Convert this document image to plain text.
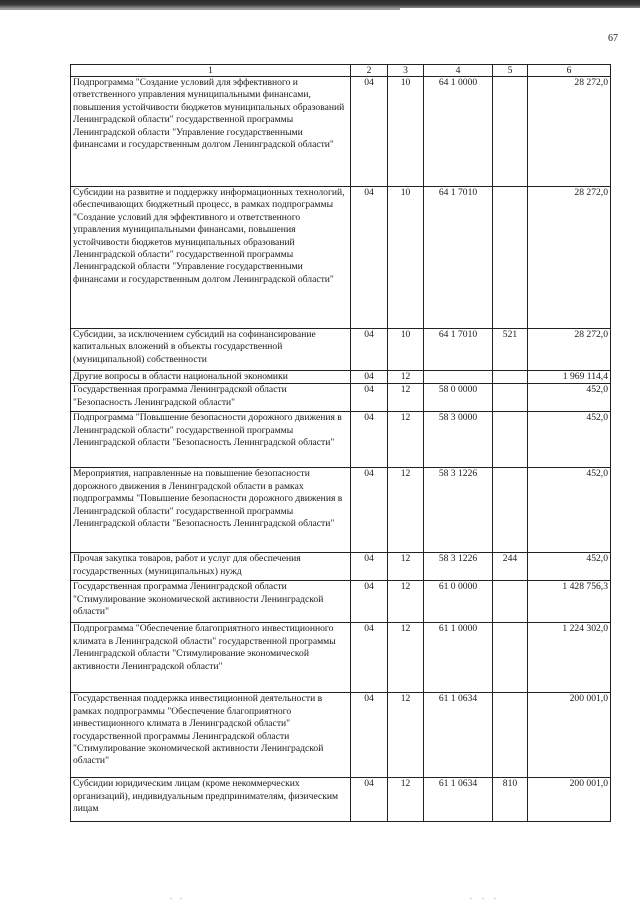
67
1	2	3	4	5	6
Подпрограмма "Создание условий для эффективного и ответственного управления муниципальными финансами, повышения устойчивости бюджетов муниципальных образований Ленинградской области" государственной программы Ленинградской области "Управление государственными финансами и государственным долгом Ленинградской области"	04	10	64 1 0000		28 272,0
Субсидии на развитие и поддержку информационных технологий, обеспечивающих бюджетный процесс, в рамках подпрограммы "Создание условий для эффективного и ответственного управления муниципальными финансами, повышения устойчивости бюджетов муниципальных образований Ленинградской области" государственной программы Ленинградской области "Управление государственными финансами и государственным долгом Ленинградской области"	04	10	64 1 7010		28 272,0
Субсидии, за исключением субсидий на софинансирование капитальных вложений в объекты государственной (муниципальной) собственности	04	10	64 1 7010	521	28 272,0
Другие вопросы в области национальной экономики	04	12			1 969 114,4
Государственная программа Ленинградской области "Безопасность Ленинградской области"	04	12	58 0 0000		452,0
Подпрограмма "Повышение безопасности дорожного движения в Ленинградской области" государственной программы Ленинградской области "Безопасность Ленинградской области"	04	12	58 3 0000		452,0
Мероприятия, направленные на повышение безопасности дорожного движения в Ленинградской области в рамках подпрограммы "Повышение безопасности дорожного движения в Ленинградской области" государственной программы Ленинградской области "Безопасность Ленинградской области"	04	12	58 3 1226		452,0
Прочая закупка товаров, работ и услуг для обеспечения государственных (муниципальных) нужд	04	12	58 3 1226	244	452,0
Государственная программа Ленинградской области "Стимулирование экономической активности Ленинградской области"	04	12	61 0 0000		1 428 756,3
Подпрограмма "Обеспечение благоприятного инвестиционного климата в Ленинградской области" государственной программы Ленинградской области "Стимулирование экономической активности Ленинградской области"	04	12	61 1 0000		1 224 302,0
Государственная поддержка инвестиционной деятельности в рамках подпрограммы "Обеспечение благоприятного инвестиционного климата в Ленинградской области" государственной программы Ленинградской области "Стимулирование экономической активности Ленинградской области"	04	12	61 1 0634		200 001,0
Субсидии юридическим лицам (кроме некоммерческих организаций), индивидуальным предпринимателям, физическим лицам	04	12	61 1 0634	810	200 001,0
. .	. . .
